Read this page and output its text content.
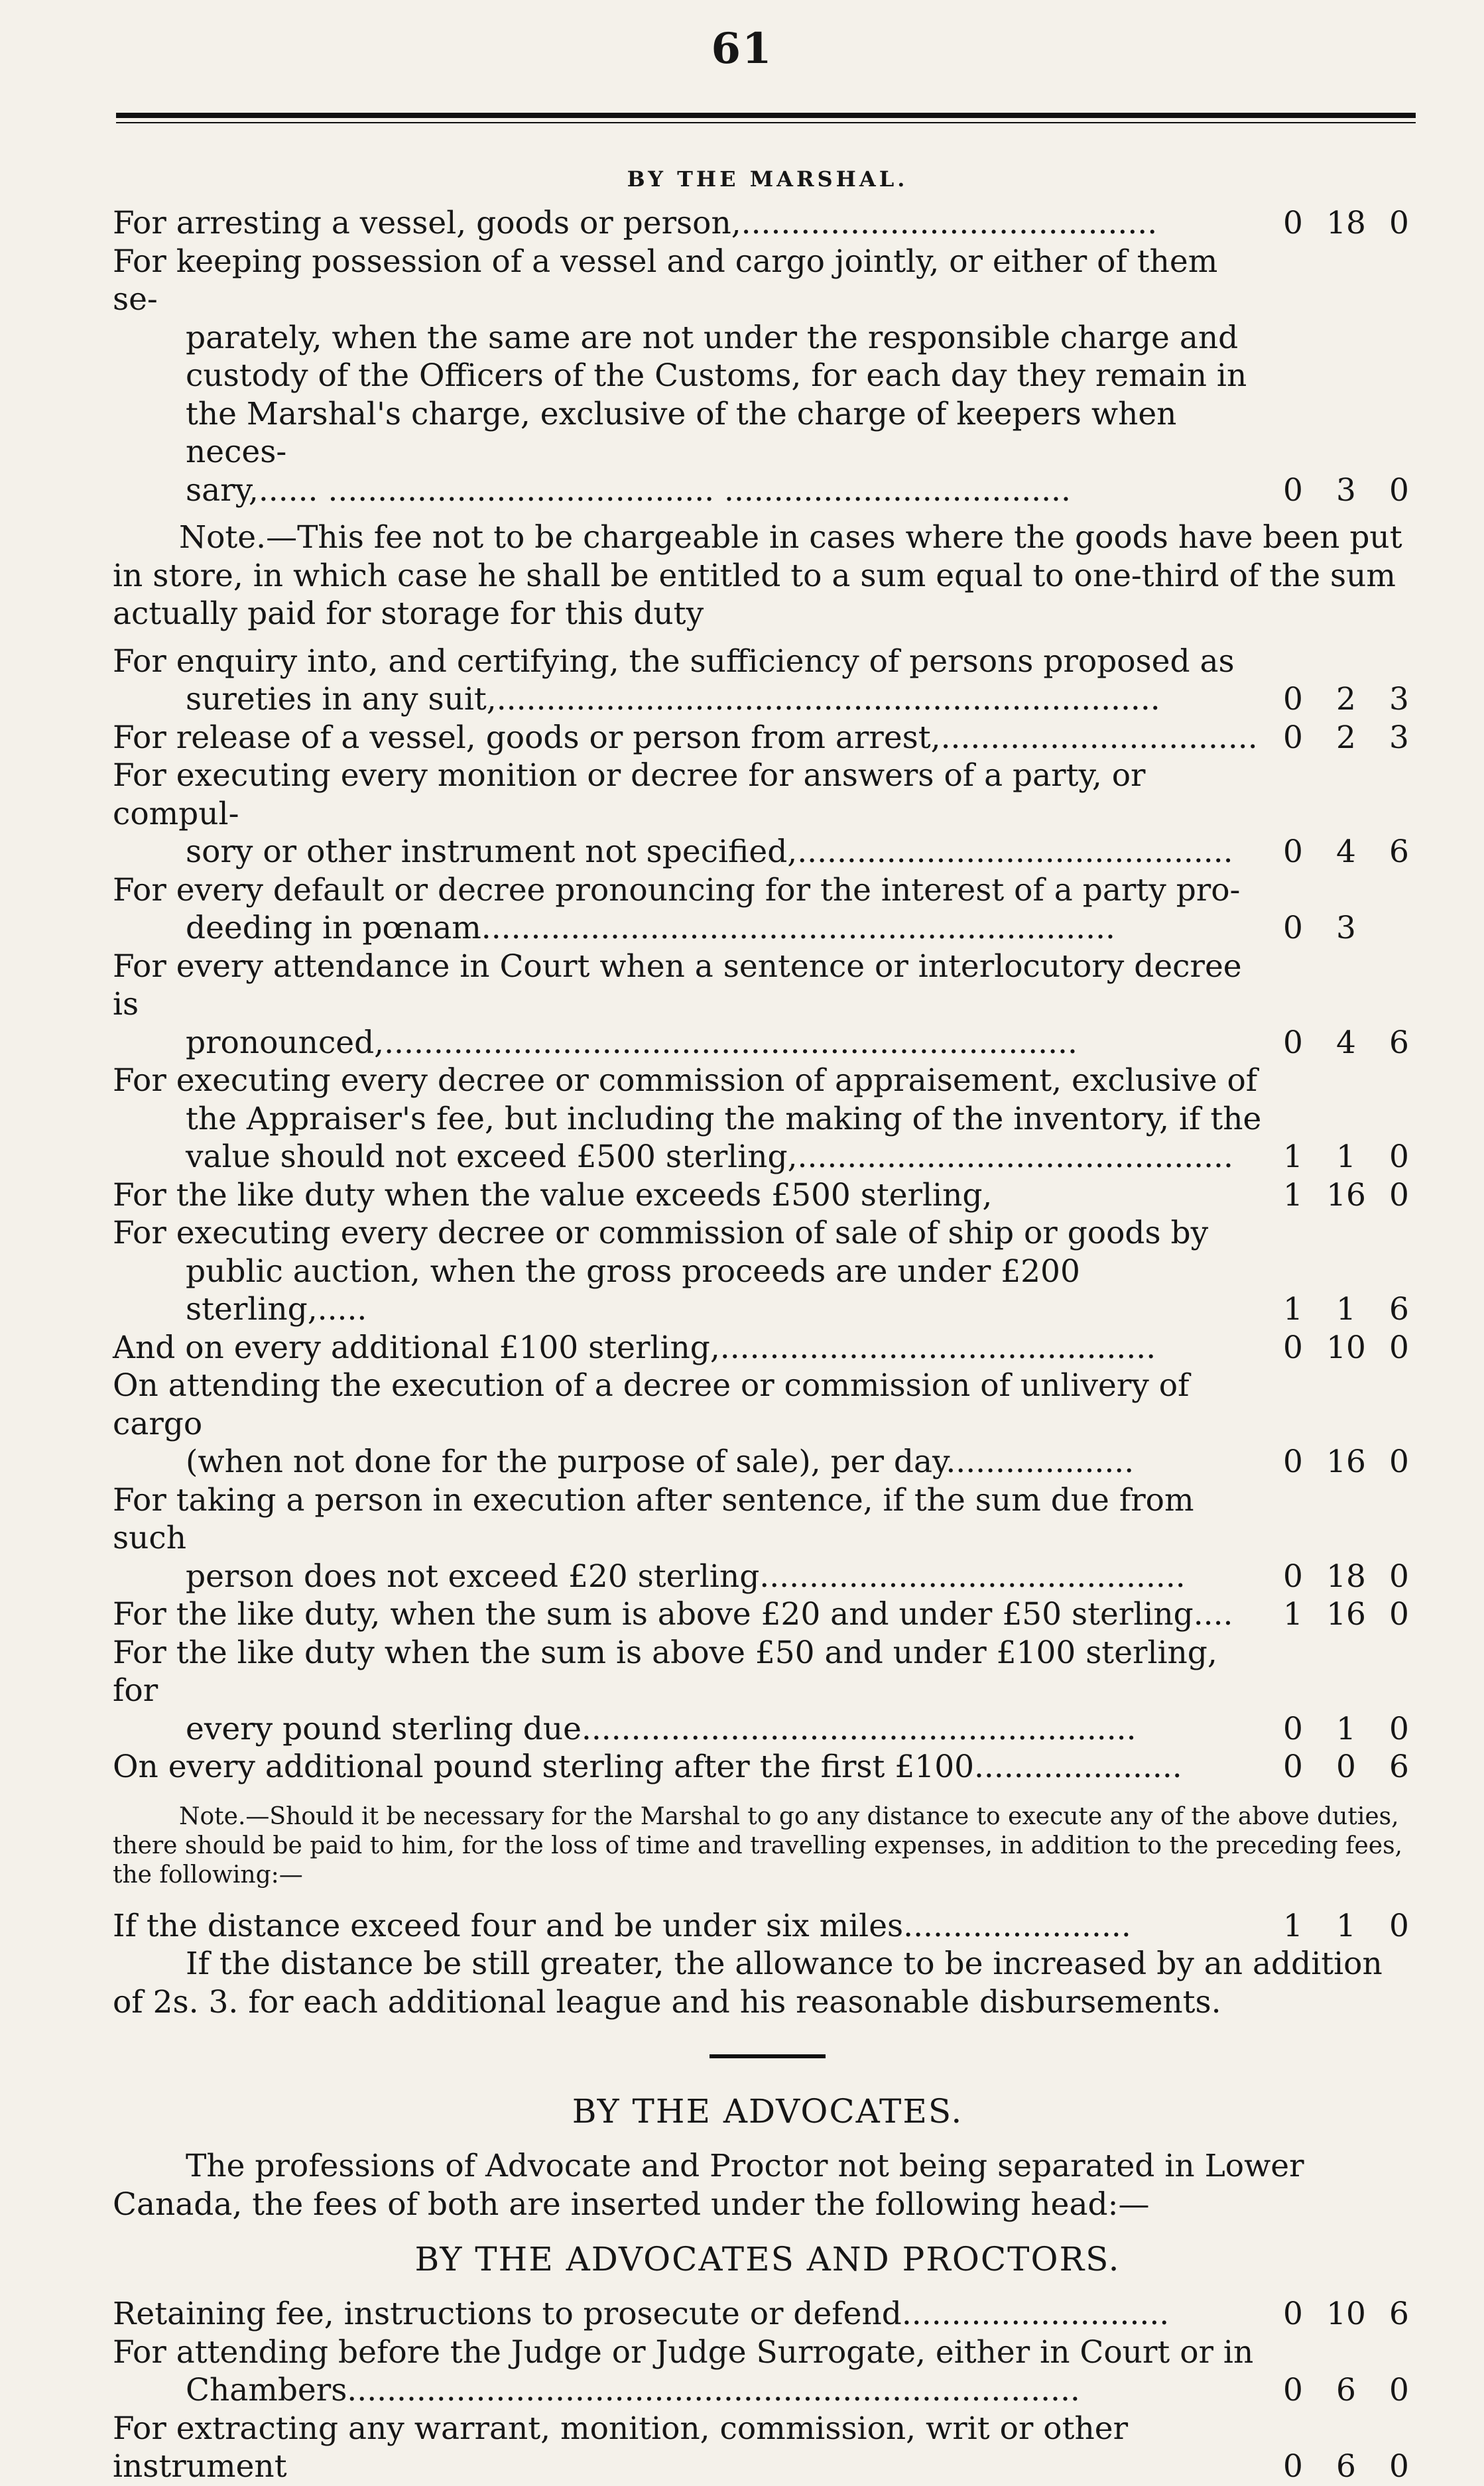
61
BY THE MARSHAL.
For arresting a vessel, goods or person,..........................................	0 18 0
For keeping possession of a vessel and cargo jointly, or either of them se-
parately, when the same are not under the responsible charge and
custody of the Officers of the Customs, for each day they remain in
the Marshal's charge, exclusive of the charge of keepers when neces-
sary,...... ....................................... ...................................	0	3	0
Note.—This fee not to be chargeable in cases where the goods have been put in store, in which case he shall be entitled to a sum equal to one-third of the sum actually paid for storage for this duty
For enquiry into, and certifying, the sufficiency of persons proposed as
sureties in any suit,...................................................................	0	2	3
For release of a vessel, goods or person from arrest,................................ 0	2	3
For executing every monition or decree for answers of a party, or compul-
sory or other instrument not specified,............................................	0	4	6
For every default or decree pronouncing for the interest of a party pro-
deeding in pœnam................................................................	0	3
For every attendance in Court when a sentence or interlocutory decree is
pronounced,......................................................................	0	4	6
For executing every decree or commission of appraisement, exclusive of
the Appraiser's fee, but including the making of the inventory, if the
value should not exceed £500 sterling,............................................	1	1	0
For the like duty when the value exceeds £500 sterling,	1 16 0
For executing every decree or commission of sale of ship or goods by
public auction, when the gross proceeds are under £200 sterling,.....	1	1	6
And on every additional £100 sterling,............................................	0 10 0
On attending the execution of a decree or commission of unlivery of cargo
(when not done for the purpose of sale), per day...................	0 16 0
For taking a person in execution after sentence, if the sum due from such
person does not exceed £20 sterling...........................................	0 18 0
For the like duty, when the sum is above £20 and under £50 sterling....	1 16 0
For the like duty when the sum is above £50 and under £100 sterling, for
every pound sterling due........................................................	0	1	0
On every additional pound sterling after the first £100.....................	0	0	6
Note.—Should it be necessary for the Marshal to go any distance to execute any of the above duties, there should be paid to him, for the loss of time and travelling expenses, in addition to the preceding fees, the following:—
If the distance exceed four and be under six miles.......................	1	1	0
If the distance be still greater, the allowance to be increased by an addition of 2s. 3. for each additional league and his reasonable disbursements.
BY THE ADVOCATES.
The professions of Advocate and Proctor not being separated in Lower Canada, the fees of both are inserted under the following head:—
BY THE ADVOCATES AND PROCTORS.
Retaining fee, instructions to prosecute or defend...........................	0 10 6
For attending before the Judge or Judge Surrogate, either in Court or in
Chambers..........................................................................	0	6	0
For extracting any warrant, monition, commission, writ or other instrument	0	6	0
